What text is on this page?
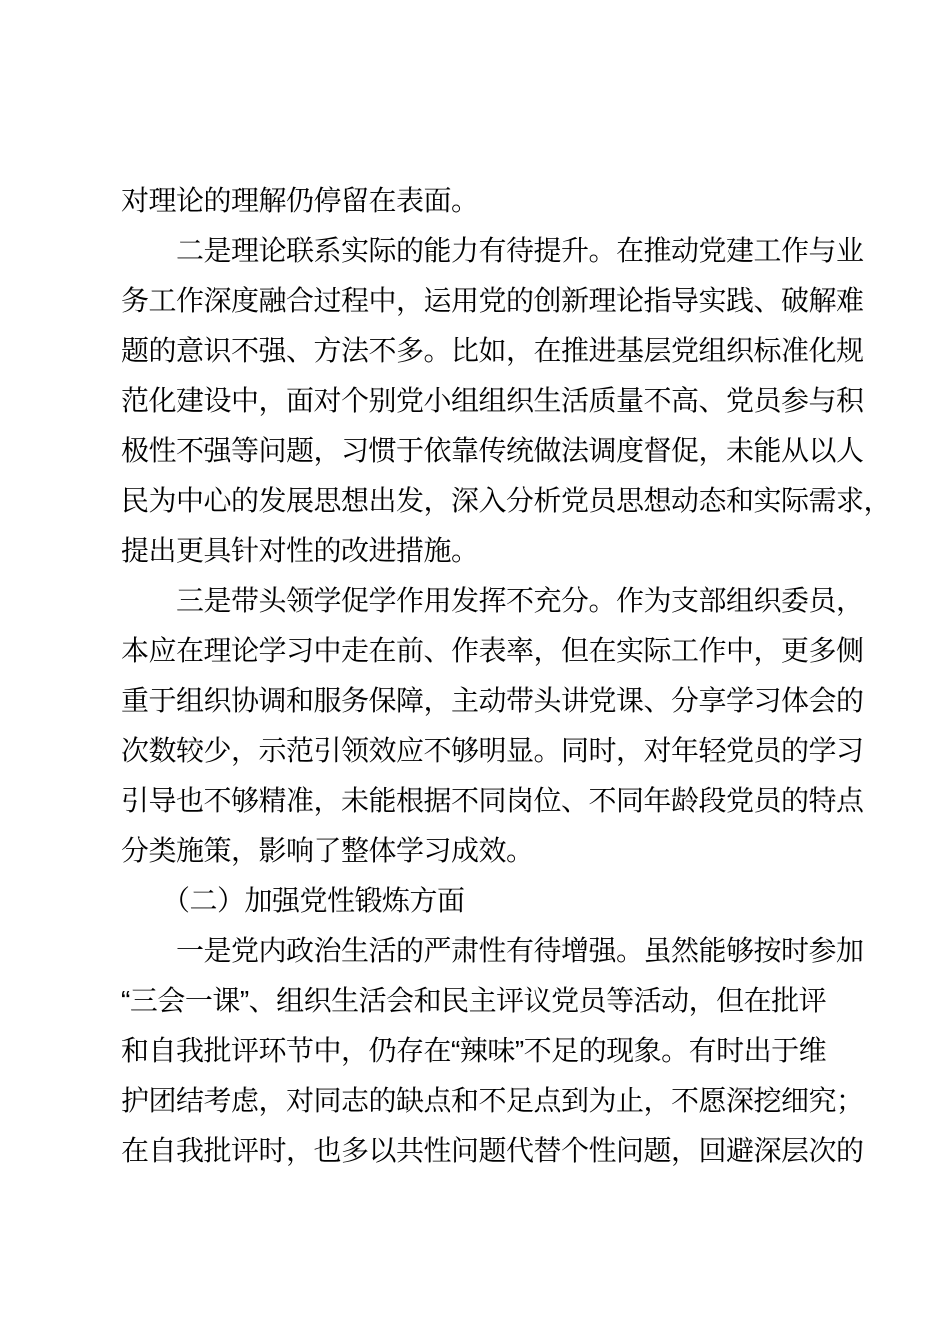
对理论的理解仍停留在表面。
　　二是理论联系实际的能力有待提升。在推动党建工作与业
务工作深度融合过程中，运用党的创新理论指导实践、破解难
题的意识不强、方法不多。比如，在推进基层党组织标准化规
范化建设中，面对个别党小组组织生活质量不高、党员参与积
极性不强等问题，习惯于依靠传统做法调度督促，未能从以人
民为中心的发展思想出发，深入分析党员思想动态和实际需求，
提出更具针对性的改进措施。
　　三是带头领学促学作用发挥不充分。作为支部组织委员，
本应在理论学习中走在前、作表率，但在实际工作中，更多侧
重于组织协调和服务保障，主动带头讲党课、分享学习体会的
次数较少，示范引领效应不够明显。同时，对年轻党员的学习
引导也不够精准，未能根据不同岗位、不同年龄段党员的特点
分类施策，影响了整体学习成效。
　　（二）加强党性锻炼方面
　　一是党内政治生活的严肃性有待增强。虽然能够按时参加
“三会一课”、组织生活会和民主评议党员等活动，但在批评
和自我批评环节中，仍存在“辣味”不足的现象。有时出于维
护团结考虑，对同志的缺点和不足点到为止，不愿深挖细究；
在自我批评时，也多以共性问题代替个性问题，回避深层次的
